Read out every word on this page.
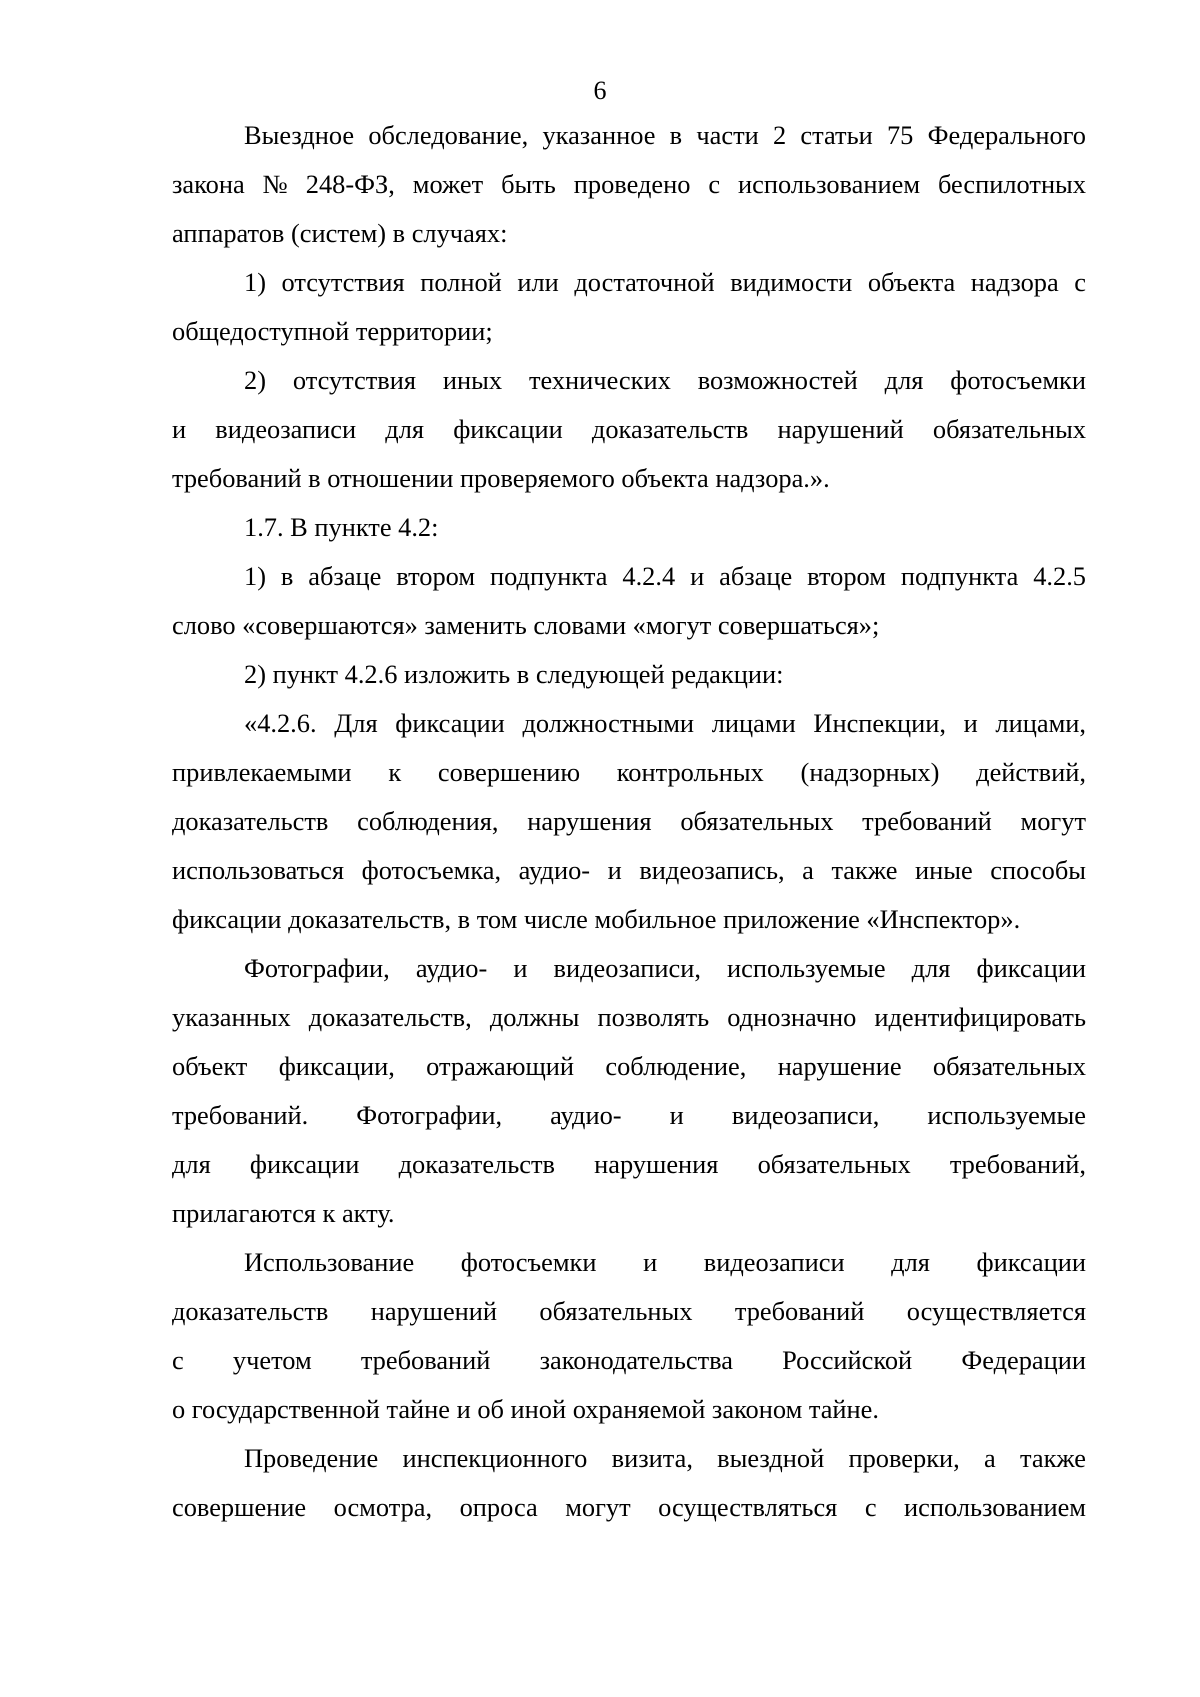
6
Выездное обследование, указанное в части 2 статьи 75 Федерального
закона № 248-ФЗ, может быть проведено с использованием беспилотных
аппаратов (систем) в случаях:
1) отсутствия полной или достаточной видимости объекта надзора с
общедоступной территории;
2) отсутствия иных технических возможностей для фотосъемки
и видеозаписи для фиксации доказательств нарушений обязательных
требований в отношении проверяемого объекта надзора.».
1.7. В пункте 4.2:
1) в абзаце втором подпункта 4.2.4 и абзаце втором подпункта 4.2.5
слово «совершаются» заменить словами «могут совершаться»;
2) пункт 4.2.6 изложить в следующей редакции:
«4.2.6. Для фиксации должностными лицами Инспекции, и лицами,
привлекаемыми к совершению контрольных (надзорных) действий,
доказательств соблюдения, нарушения обязательных требований могут
использоваться фотосъемка, аудио- и видеозапись, а также иные способы
фиксации доказательств, в том числе мобильное приложение «Инспектор».
Фотографии, аудио- и видеозаписи, используемые для фиксации
указанных доказательств, должны позволять однозначно идентифицировать
объект фиксации, отражающий соблюдение, нарушение обязательных
требований. Фотографии, аудио- и видеозаписи, используемые
для фиксации доказательств нарушения обязательных требований,
прилагаются к акту.
Использование фотосъемки и видеозаписи для фиксации
доказательств нарушений обязательных требований осуществляется
с учетом требований законодательства Российской Федерации
о государственной тайне и об иной охраняемой законом тайне.
Проведение инспекционного визита, выездной проверки, а также
совершение осмотра, опроса могут осуществляться с использованием
